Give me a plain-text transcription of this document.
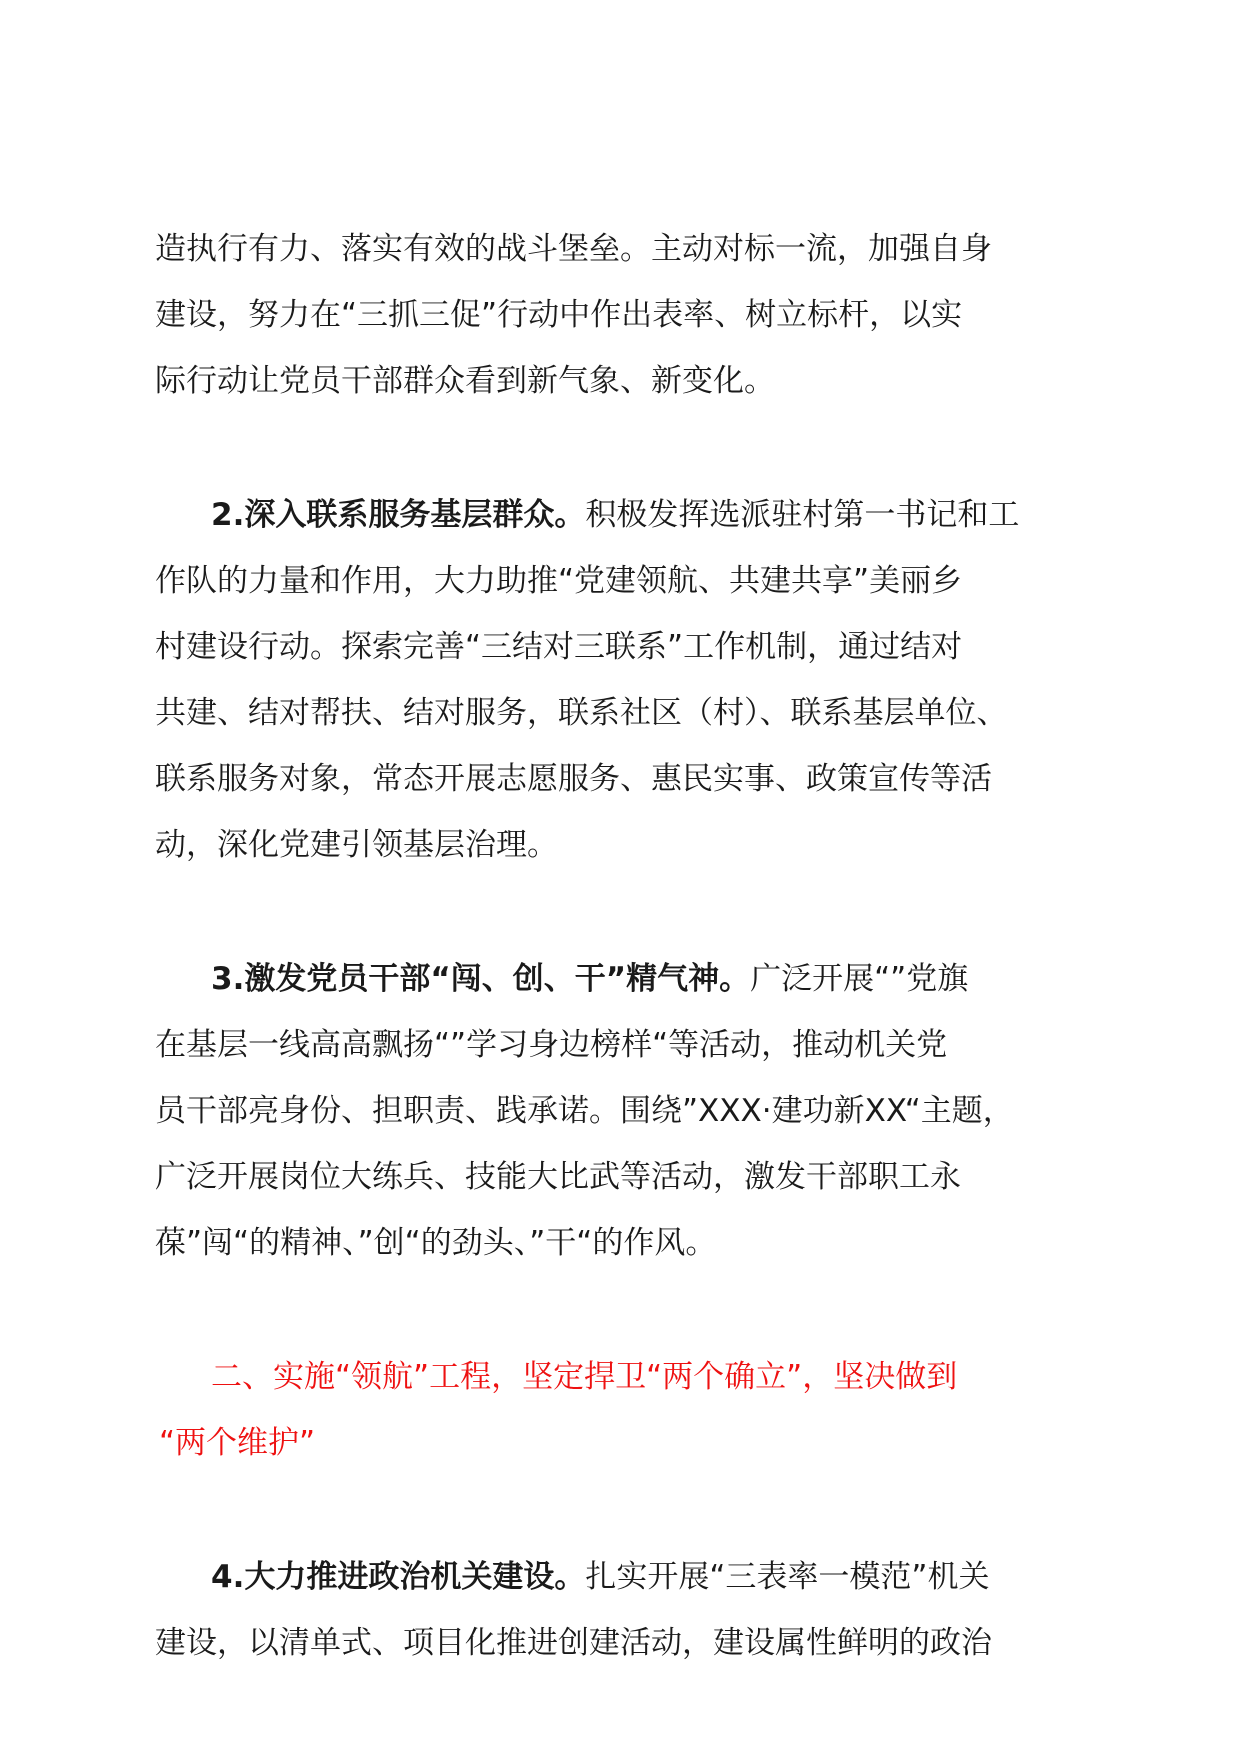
造执行有力、落实有效的战斗堡垒。主动对标一流，加强自身
建设，努力在“三抓三促”行动中作出表率、树立标杆，以实
际行动让党员干部群众看到新气象、新变化。
2.深入联系服务基层群众。积极发挥选派驻村第一书记和工
作队的力量和作用，大力助推“党建领航、共建共享”美丽乡
村建设行动。探索完善“三结对三联系”工作机制，通过结对
共建、结对帮扶、结对服务，联系社区（村）、联系基层单位、
联系服务对象，常态开展志愿服务、惠民实事、政策宣传等活
动，深化党建引领基层治理。
3.激发党员干部“闯、创、干”精气神。广泛开展“”党旗
在基层一线高高飘扬“”学习身边榜样“等活动，推动机关党
员干部亮身份、担职责、践承诺。围绕”XXX·建功新XX“主题，
广泛开展岗位大练兵、技能大比武等活动，激发干部职工永
葆”闯“的精神、”创“的劲头、”干“的作风。
二、实施“领航”工程，坚定捍卫“两个确立”，坚决做到
“两个维护”
4.大力推进政治机关建设。扎实开展“三表率一模范”机关
建设，以清单式、项目化推进创建活动，建设属性鲜明的政治
